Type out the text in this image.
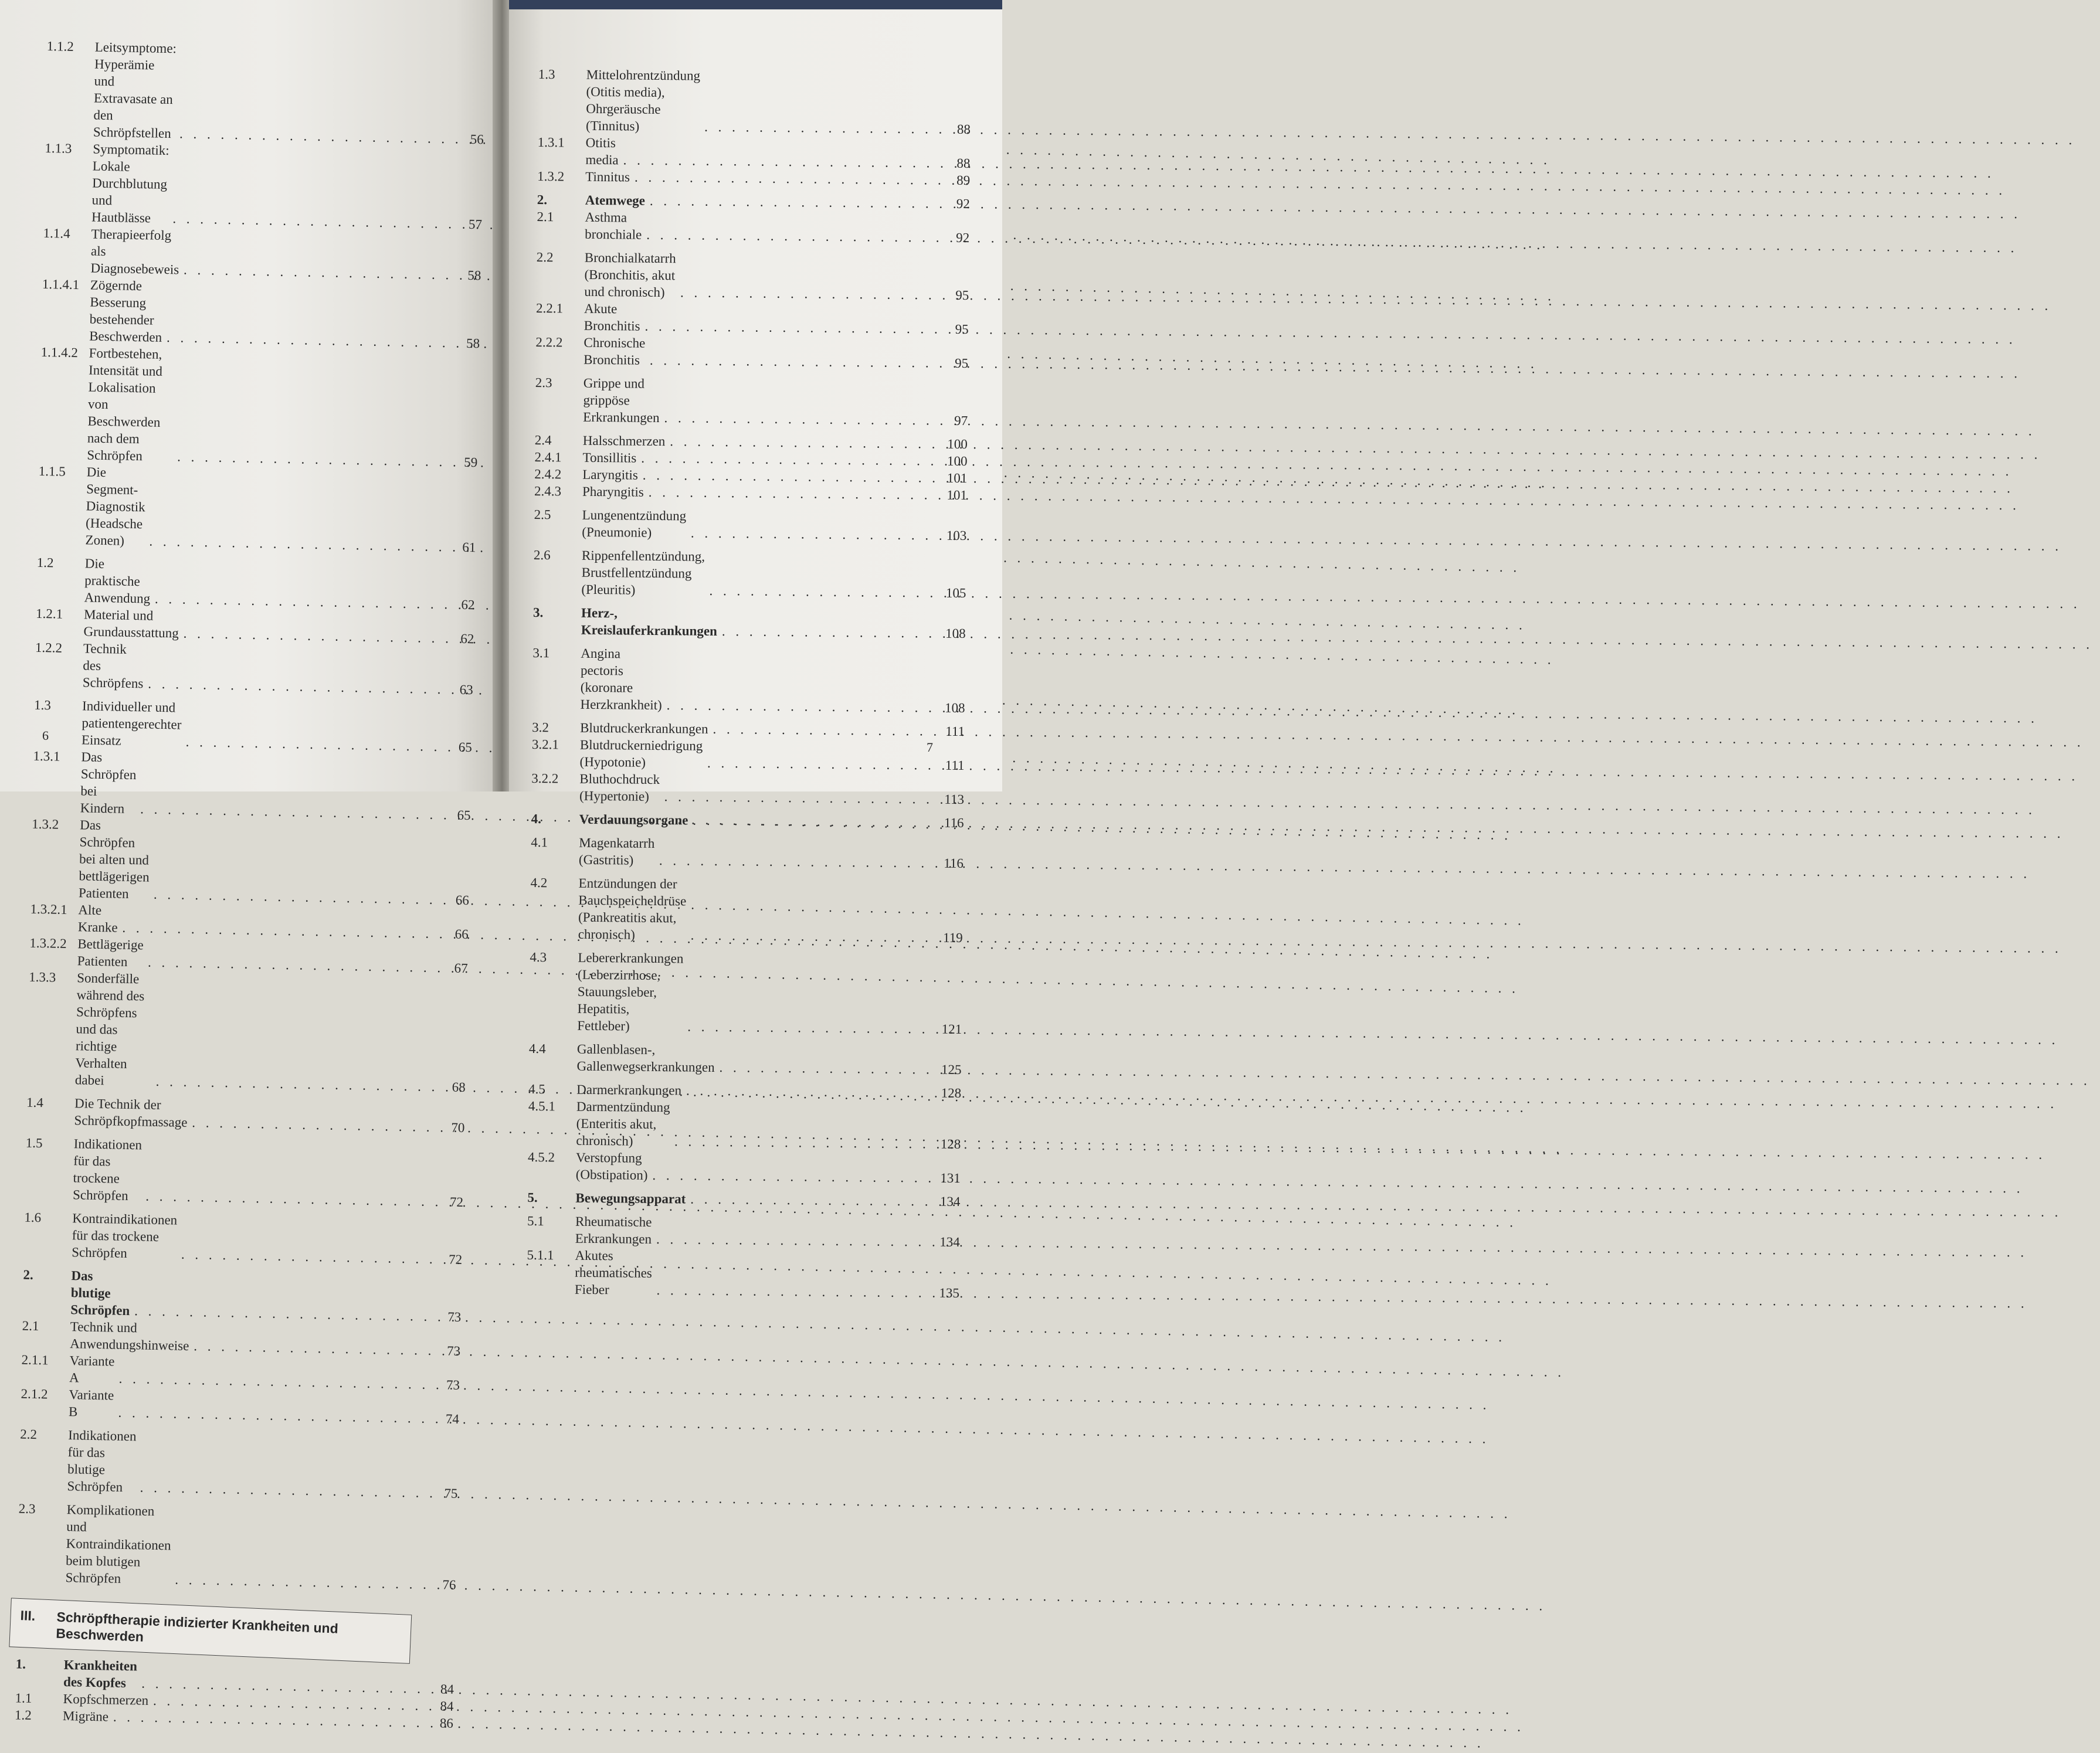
1.1.2	Leitsymptome: Hyperämie und Extravasate an den Schröpfstellen . . .	56
1.1.3	Symptomatik: Lokale Durchblutung und Hautblässe . . .	57
1.1.4	Therapieerfolg als Diagnosebeweis . . .	58
1.1.4.1 Zögernde Besserung bestehender Beschwerden . . .	58
1.1.4.2 Fortbestehen, Intensität und Lokalisation von Beschwerden nach dem Schröpfen . . .	59
1.1.5	Die Segment-Diagnostik (Headsche Zonen) . . .	61
1.2	Die praktische Anwendung . . .	62
1.2.1	Material und Grundausstattung . . .	62
1.2.2	Technik des Schröpfens . . .	63
1.3	Individueller und patientengerechter Einsatz . . .	65
1.3.1	Das Schröpfen bei Kindern . . .	65
1.3.2	Das Schröpfen bei alten und bettlägerigen Patienten . . .	66
1.3.2.1 Alte Kranke . . .	66
1.3.2.2 Bettlägerige Patienten . . .	67
1.3.3	Sonderfälle während des Schröpfens und das richtige Verhalten dabei . . .	68
1.4	Die Technik der Schröpfkopfmassage . . .	70
1.5	Indikationen für das trockene Schröpfen . . .	72
1.6	Kontraindikationen für das trockene Schröpfen . . .	72
2.	Das blutige Schröpfen . . .	73
2.1	Technik und Anwendungshinweise . . .	73
2.1.1	Variante A . . .	73
2.1.2	Variante B . . .	74
2.2	Indikationen für das blutige Schröpfen . . .	75
2.3	Komplikationen und Kontraindikationen beim blutigen Schröpfen . . .	76
III.	Schröpftherapie indizierter Krankheiten und Beschwerden
1.	Krankheiten des Kopfes . . .	84
1.1	Kopfschmerzen . . .	84
1.2	Migräne . . .	86
6
1.3	Mittelohrentzündung (Otitis media), Ohrgeräusche (Tinnitus) . . .	88
1.3.1	Otitis media . . .	88
1.3.2	Tinnitus . . .	89
2.	Atemwege . . .	92
2.1	Asthma bronchiale . . .	92
2.2	Bronchialkatarrh (Bronchitis, akut und chronisch) . . .	95
2.2.1	Akute Bronchitis . . .	95
2.2.2	Chronische Bronchitis . . .	95
2.3	Grippe und grippöse Erkrankungen . . .	97
2.4	Halsschmerzen . . .	100
2.4.1	Tonsillitis . . .	100
2.4.2	Laryngitis . . .	101
2.4.3	Pharyngitis . . .	101
2.5	Lungenentzündung (Pneumonie) . . .	103
2.6	Rippenfellentzündung, Brustfellentzündung (Pleuritis) . . .	105
3.	Herz-, Kreislauferkrankungen . . .	108
3.1	Angina pectoris (koronare Herzkrankheit) . . .	108
3.2	Blutdruckerkrankungen . . .	111
3.2.1	Blutdruckerniedrigung (Hypotonie) . . .	111
3.2.2	Bluthochdruck (Hypertonie) . . .	113
4.	Verdauungsorgane . . .	116
4.1	Magenkatarrh (Gastritis) . . .	116
4.2	Entzündungen der Bauchspeicheldrüse (Pankreatitis akut, chronisch) . . .	119
4.3	Lebererkrankungen (Leberzirrhose, Stauungsleber, Hepatitis, Fettleber) . . .	121
4.4	Gallenblasen-, Gallenwegserkrankungen . . .	125
4.5	Darmerkrankungen . . .	128
4.5.1	Darmentzündung (Enteritis akut, chronisch) . . .	128
4.5.2	Verstopfung (Obstipation) . . .	131
5.	Bewegungsapparat . . .	134
5.1	Rheumatische Erkrankungen . . .	134
5.1.1	Akutes rheumatisches Fieber . . .	135
7
